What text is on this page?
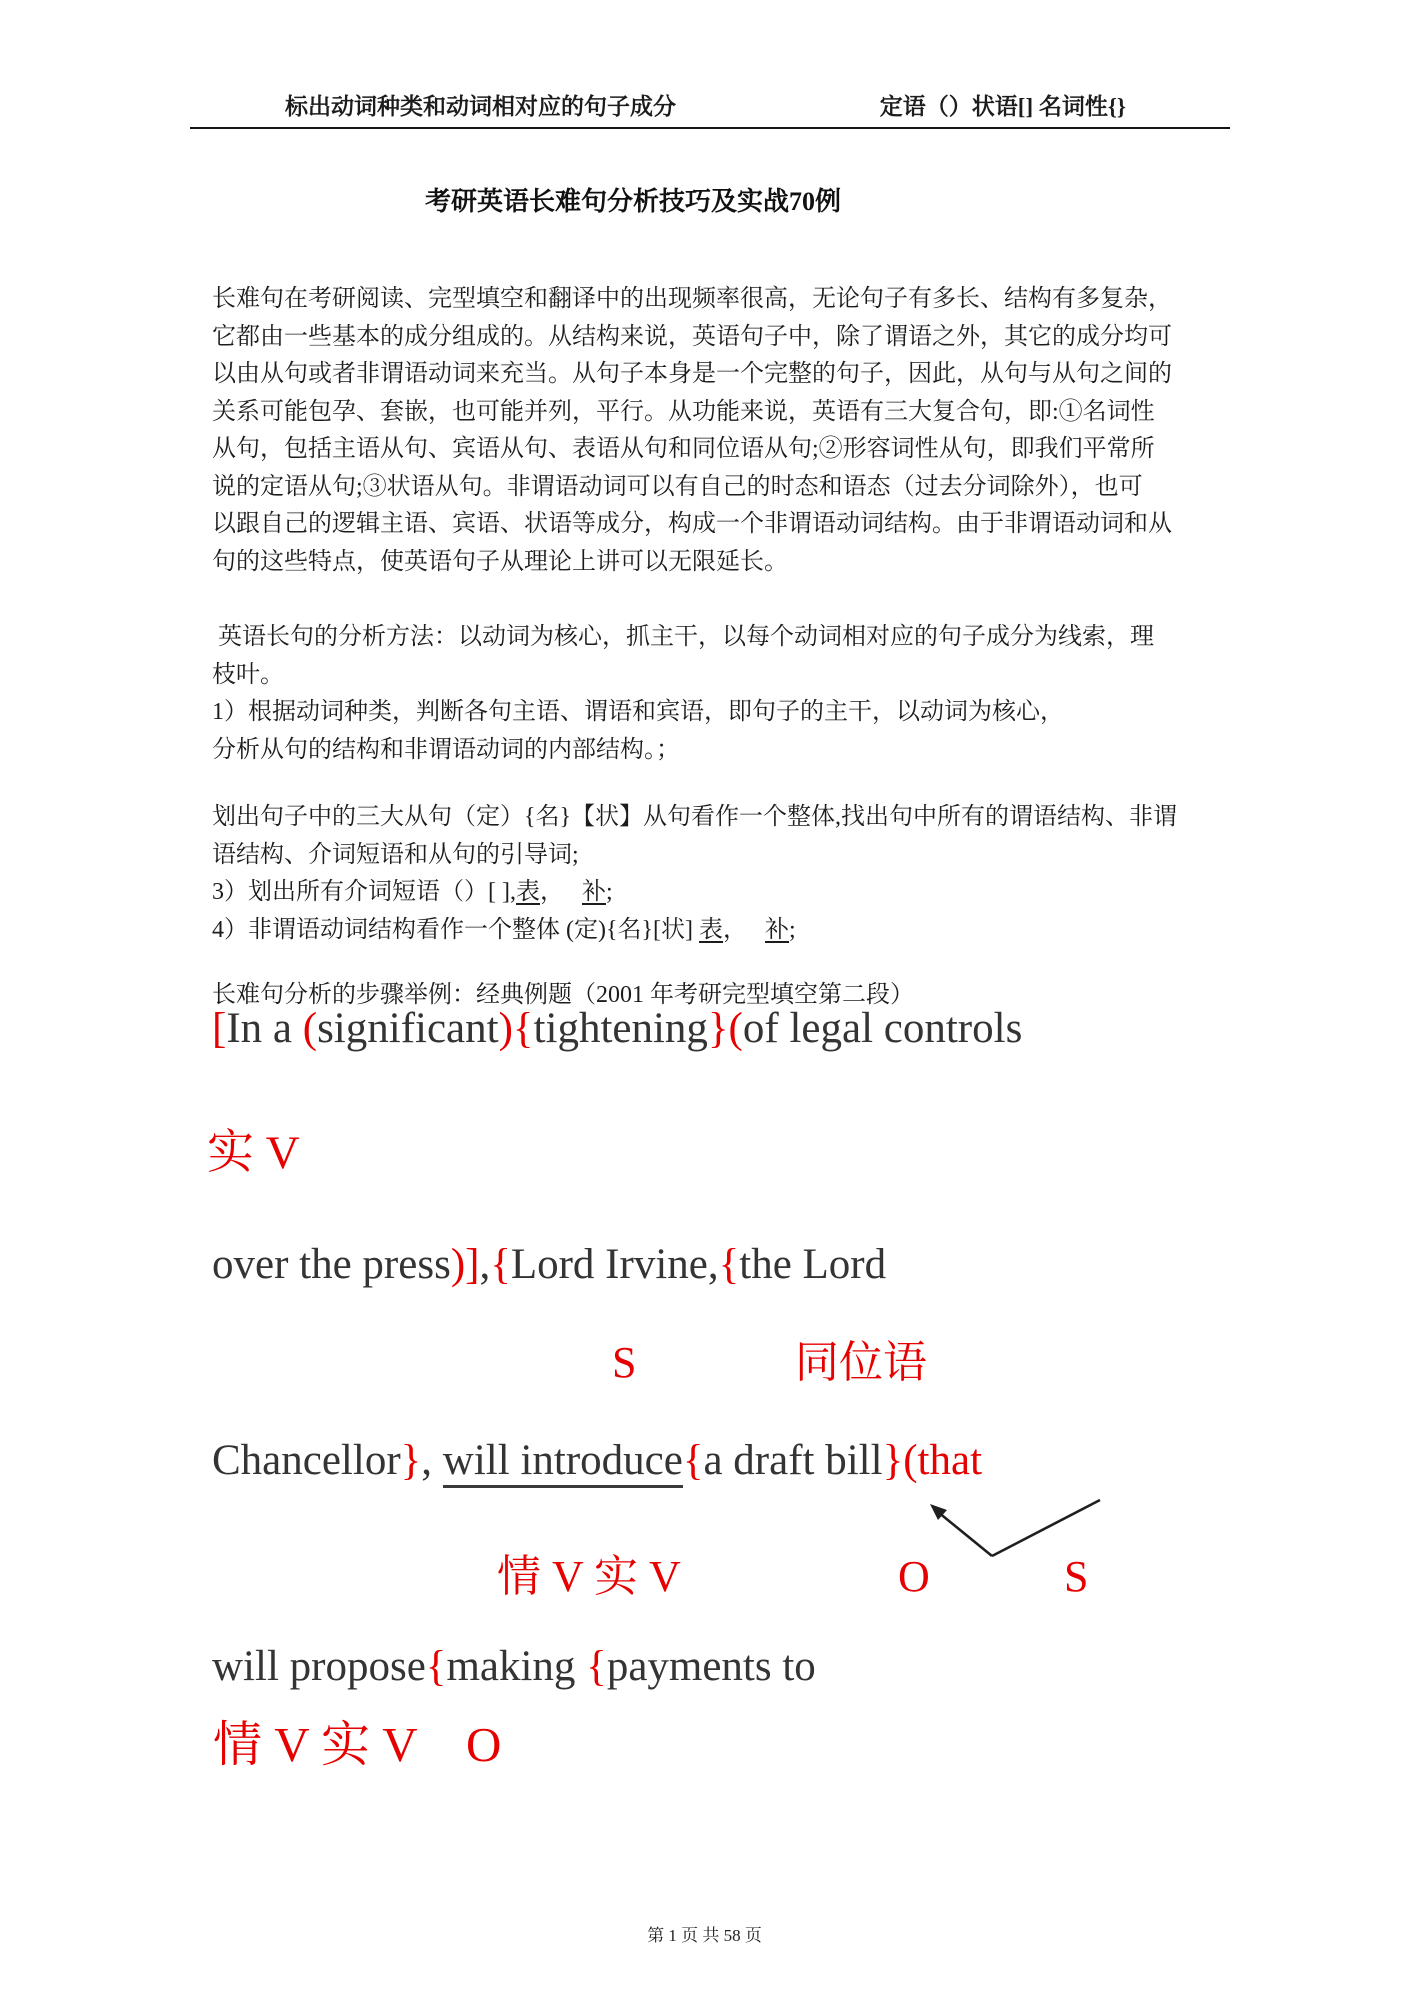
标出动词种类和动词相对应的句子成分	定语（）状语[] 名词性{}
考研英语长难句分析技巧及实战70例
长难句在考研阅读、完型填空和翻译中的出现频率很高，无论句子有多长、结构有多复杂，
它都由一些基本的成分组成的。从结构来说，英语句子中，除了谓语之外，其它的成分均可
以由从句或者非谓语动词来充当。从句子本身是一个完整的句子，因此，从句与从句之间的
关系可能包孕、套嵌，也可能并列，平行。从功能来说，英语有三大复合句，即:①名词性
从句，包括主语从句、宾语从句、表语从句和同位语从句;②形容词性从句，即我们平常所
说的定语从句;③状语从句。非谓语动词可以有自己的时态和语态（过去分词除外），也可
以跟自己的逻辑主语、宾语、状语等成分，构成一个非谓语动词结构。由于非谓语动词和从
句的这些特点，使英语句子从理论上讲可以无限延长。
英语长句的分析方法：以动词为核心，抓主干，以每个动词相对应的句子成分为线索，理
枝叶。
1）根据动词种类，判断各句主语、谓语和宾语，即句子的主干，以动词为核心，
分析从句的结构和非谓语动词的内部结构。；
划出句子中的三大从句（定）{名}【状】从句看作一个整体,找出句中所有的谓语结构、非谓
语结构、介词短语和从句的引导词;
3）划出所有介词短语（）[ ],表，   补;
4）非谓语动词结构看作一个整体 (定){名}[状] 表，   补;
长难句分析的步骤举例：经典例题（2001 年考研完型填空第二段）
[In a (significant){tightening}(of legal controls
实 V
over the press)],{Lord Irvine,{the Lord
S	同位语
Chancellor}, will introduce{a draft bill}(that
情 V 实 V	O	S
will propose{making {payments to
情 V 实 V O
第 1 页 共 58 页
